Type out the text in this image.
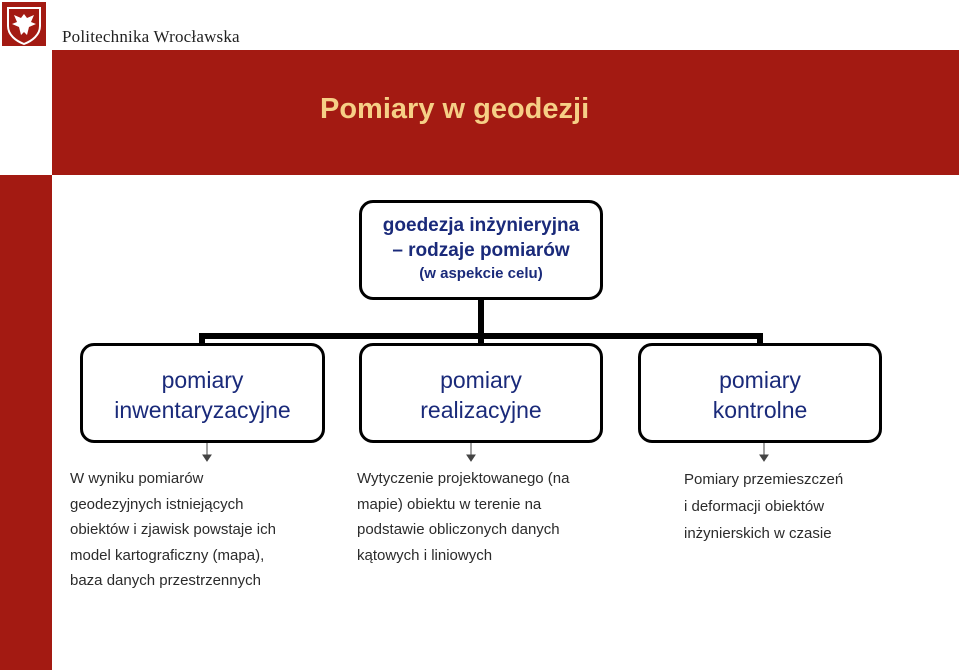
Politechnika Wrocławska
Pomiary w geodezji
goedezja inżynieryjna
– rodzaje pomiarów
(w aspekcie celu)
pomiary
inwentaryzacyjne
pomiary
realizacyjne
pomiary
kontrolne
W wyniku pomiarów
geodezyjnych istniejących
obiektów i zjawisk powstaje ich
model kartograficzny (mapa),
baza danych przestrzennych
Wytyczenie projektowanego (na
mapie) obiektu w terenie na
podstawie obliczonych danych
kątowych i liniowych
Pomiary przemieszczeń
i deformacji obiektów
inżynierskich w czasie
